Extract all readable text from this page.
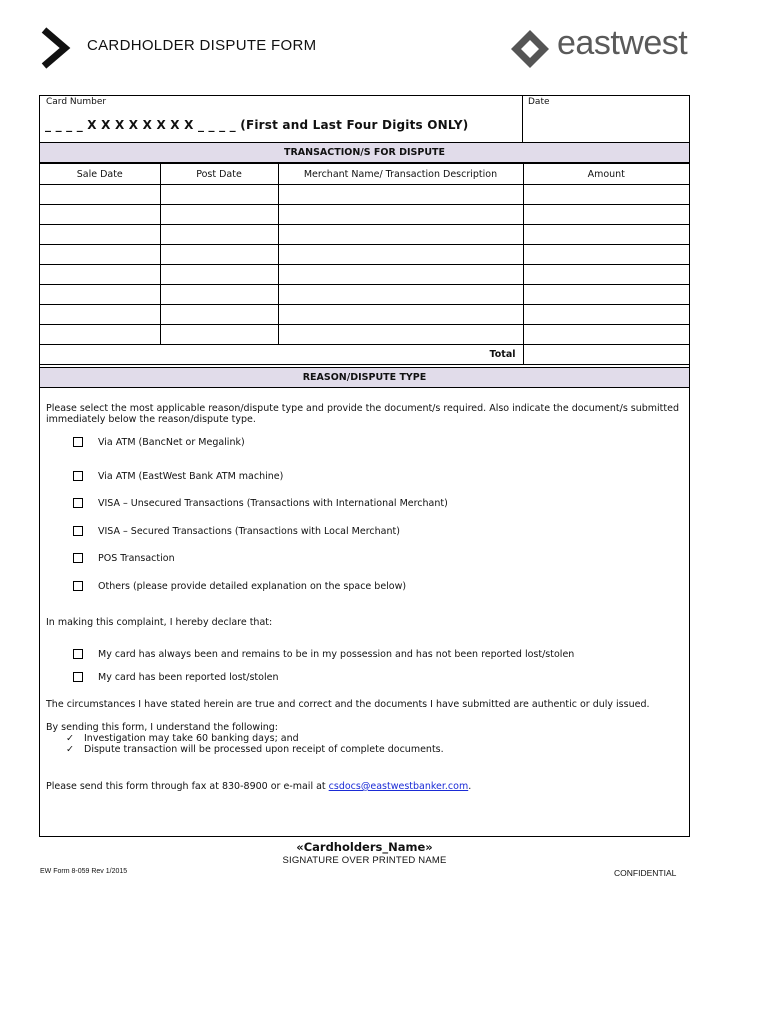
CARDHOLDER DISPUTE FORM	eastwest
Card Number
_ _ _ _ X X X X X X X X _ _ _ _ (First and Last Four Digits ONLY)
Date
TRANSACTION/S FOR DISPUTE
Sale Date	Post Date	Merchant Name/ Transaction Description	Amount

Total			
REASON/DISPUTE TYPE
Please select the most applicable reason/dispute type and provide the document/s required. Also indicate the document/s submitted
immediately below the reason/dispute type.
Via ATM (BancNet or Megalink)
Via ATM (EastWest Bank ATM machine)
VISA – Unsecured Transactions (Transactions with International Merchant)
VISA – Secured Transactions (Transactions with Local Merchant)
POS Transaction
Others (please provide detailed explanation on the space below)
In making this complaint, I hereby declare that:
My card has always been and remains to be in my possession and has not been reported lost/stolen
My card has been reported lost/stolen
The circumstances I have stated herein are true and correct and the documents I have submitted are authentic or duly issued.
By sending this form, I understand the following:
✓ Investigation may take 60 banking days; and
✓ Dispute transaction will be processed upon receipt of complete documents.
Please send this form through fax at 830-8900 or e-mail at csdocs@eastwestbanker.com.
«Cardholders_Name»
SIGNATURE OVER PRINTED NAME
EW Form 8-059 Rev 1/2015	CONFIDENTIAL
